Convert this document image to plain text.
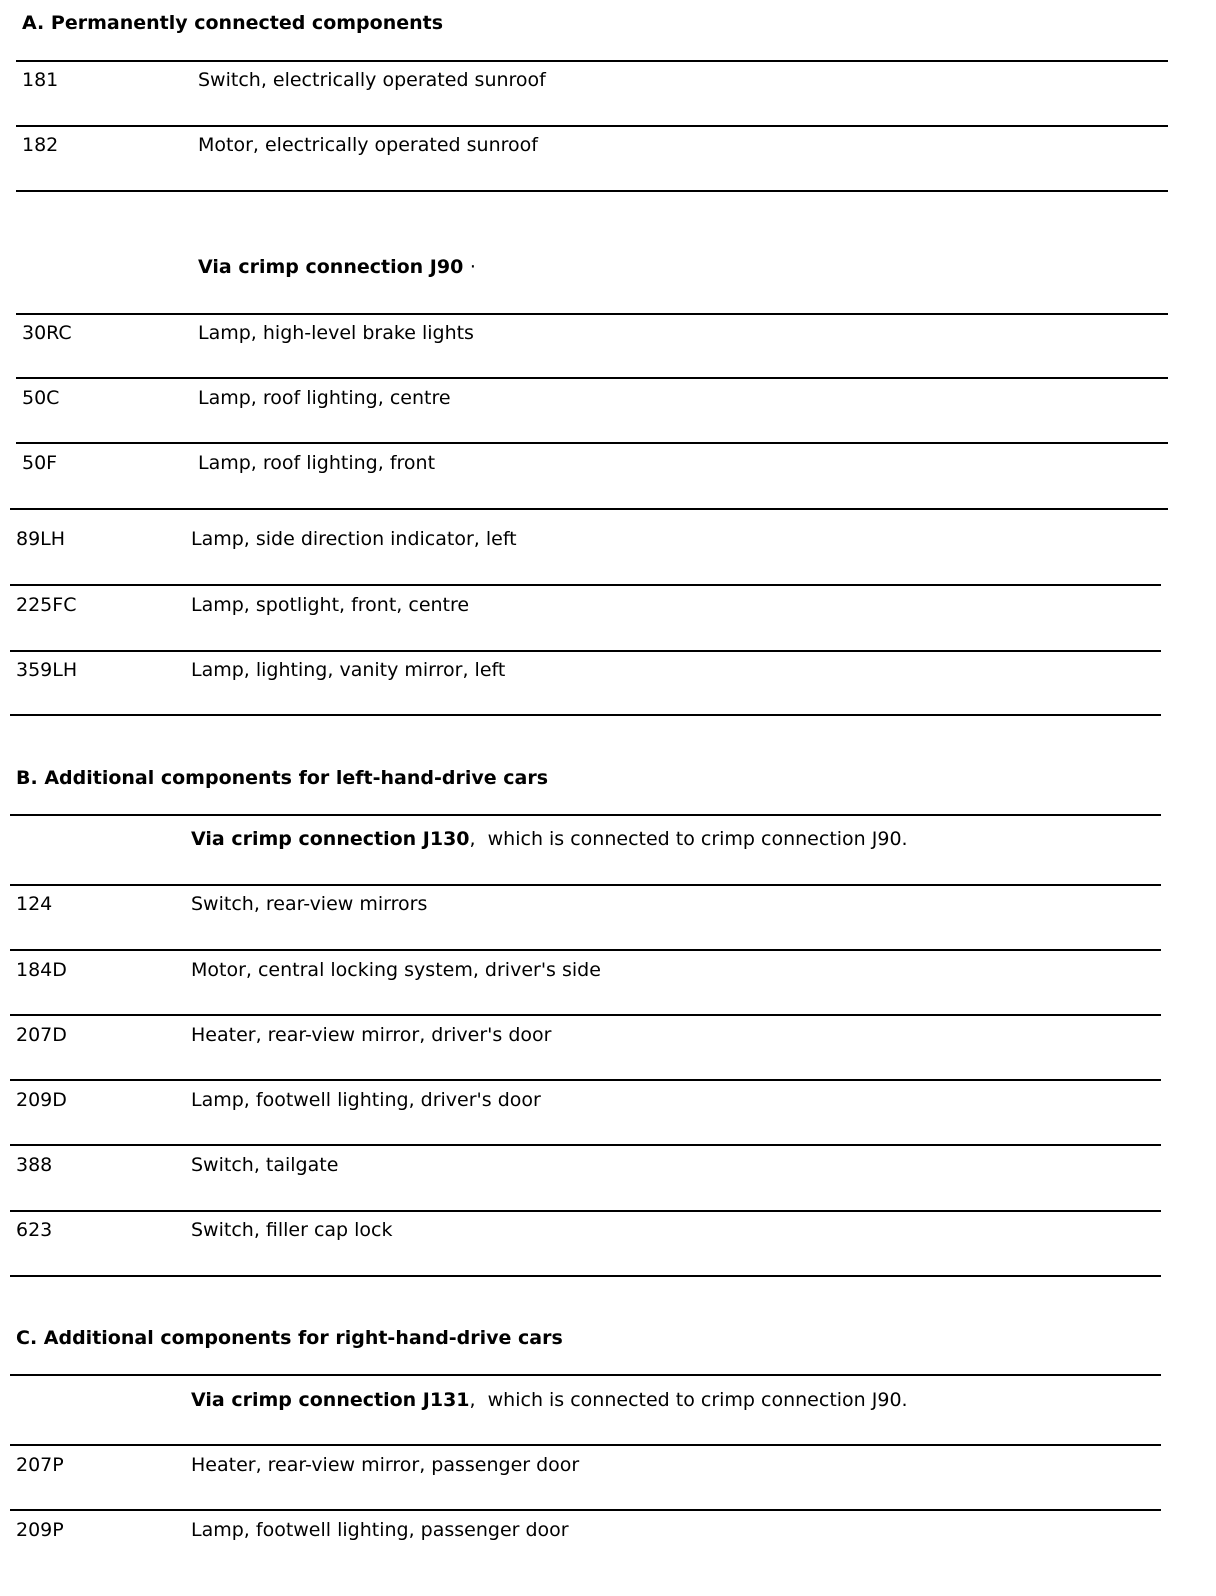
A. Permanently connected components
181	Switch, electrically operated sunroof
182	Motor, electrically operated sunroof
Via crimp connection J90 ·
30RC	Lamp, high-level brake lights
50C	Lamp, roof lighting, centre
50F	Lamp, roof lighting, front
89LH	Lamp, side direction indicator, left
225FC	Lamp, spotlight, front, centre
359LH	Lamp, lighting, vanity mirror, left
B. Additional components for left-hand-drive cars
Via crimp connection J130,  which is connected to crimp connection J90.
124	Switch, rear-view mirrors
184D	Motor, central locking system, driver's side
207D	Heater, rear-view mirror, driver's door
209D	Lamp, footwell lighting, driver's door
388	Switch, tailgate
623	Switch, filler cap lock
C. Additional components for right-hand-drive cars
Via crimp connection J131,  which is connected to crimp connection J90.
207P	Heater, rear-view mirror, passenger door
209P	Lamp, footwell lighting, passenger door
